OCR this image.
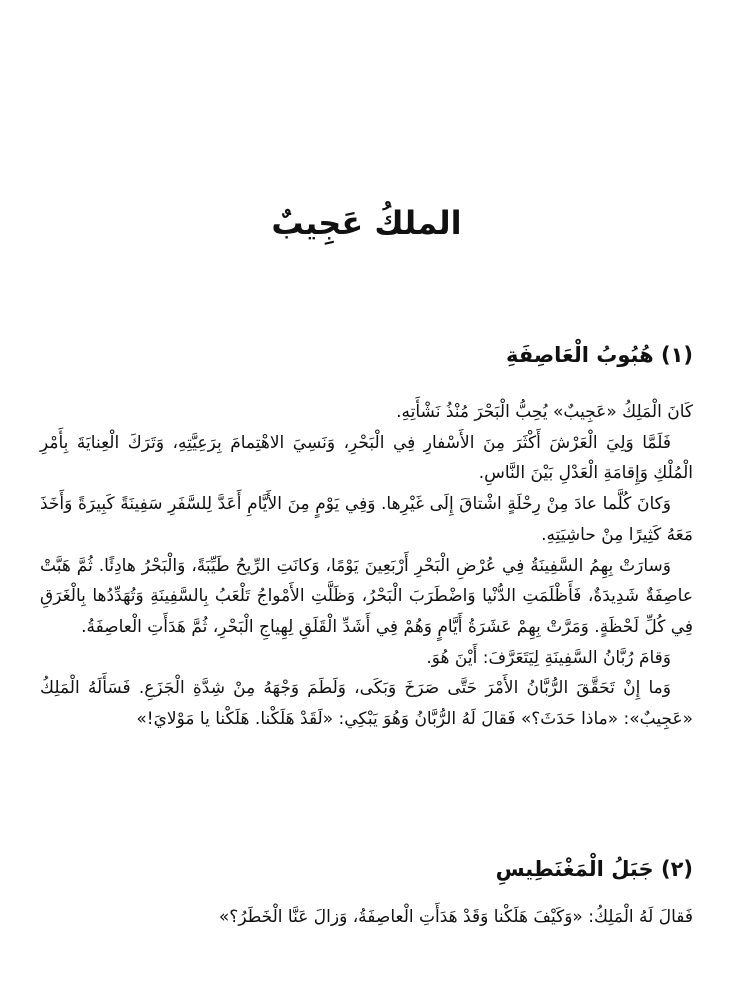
الملكُ عَجِيبٌ
(١) هُبُوبُ الْعَاصِفَةِ

كَانَ الْمَلِكُ «عَجِيبٌ» يُحِبُّ الْبَحْرَ مُنْذُ نَشْأَتِهِ.

فَلَمَّا وَلِيَ الْعَرْشَ أَكْثَرَ مِنَ الأَسْفارِ فِي الْبَحْرِ، وَنَسِيَ الاهْتِمامَ بِرَعِيَّتِهِ، وَتَرَكَ الْعِنايَةَ بِأَمْرِ الْمُلْكِ وَإِقامَةِ الْعَدْلِ بَيْنَ النَّاسِ.

وَكانَ كُلَّما عادَ مِنْ رِحْلَةٍ اشْتاقَ إِلَى غَيْرِها. وَفِي يَوْمٍ مِنَ الأَيَّامِ أَعَدَّ لِلسَّفَرِ سَفِينَةً كَبِيرَةً وَأَخَذَ مَعَهُ كَثِيرًا مِنْ حاشِيَتِهِ.

وَسارَتْ بِهِمُ السَّفِينَةُ فِي عُرْضِ الْبَحْرِ أَرْبَعِينَ يَوْمًا، وَكانَتِ الرِّيحُ طَيِّبَةً، وَالْبَحْرُ هادِئًا. ثُمَّ هَبَّتْ عاصِفَةٌ شَدِيدَةٌ، فَأَظْلَمَتِ الدُّنْيا وَاضْطَرَبَ الْبَحْرُ، وَظَلَّتِ الأَمْواجُ تَلْعَبُ بِالسَّفِينَةِ وَتُهَدِّدُها بِالْغَرَقِ فِي كُلِّ لَحْظَةٍ. وَمَرَّتْ بِهِمْ عَشَرَةُ أَيَّامٍ وَهُمْ فِي أَشَدِّ الْقَلَقِ لِهِياجِ الْبَحْرِ، ثُمَّ هَدَأَتِ الْعاصِفَةُ.

وَقامَ رُبَّانُ السَّفِينَةِ لِيَتَعَرَّفَ: أَيْنَ هُوَ.

وَما إِنْ تَحَقَّقَ الرُّبَّانُ الأَمْرَ حَتَّى صَرَخَ وَبَكَى، وَلَطَمَ وَجْهَهُ مِنْ شِدَّةِ الْجَزَعِ. فَسَأَلَهُ الْمَلِكُ «عَجِيبٌ»: «ماذا حَدَثَ؟» فَقالَ لَهُ الرُّبَّانُ وَهُوَ يَبْكِي: «لَقَدْ هَلَكْنا. هَلَكْنا يا مَوْلايَ!»

(٢) جَبَلُ الْمَغْنَطِيسِ

فَقالَ لَهُ الْمَلِكُ: «وَكَيْفَ هَلَكْنا وَقَدْ هَدَأَتِ الْعاصِفَةُ، وَزالَ عَنَّا الْخَطَرُ؟»
